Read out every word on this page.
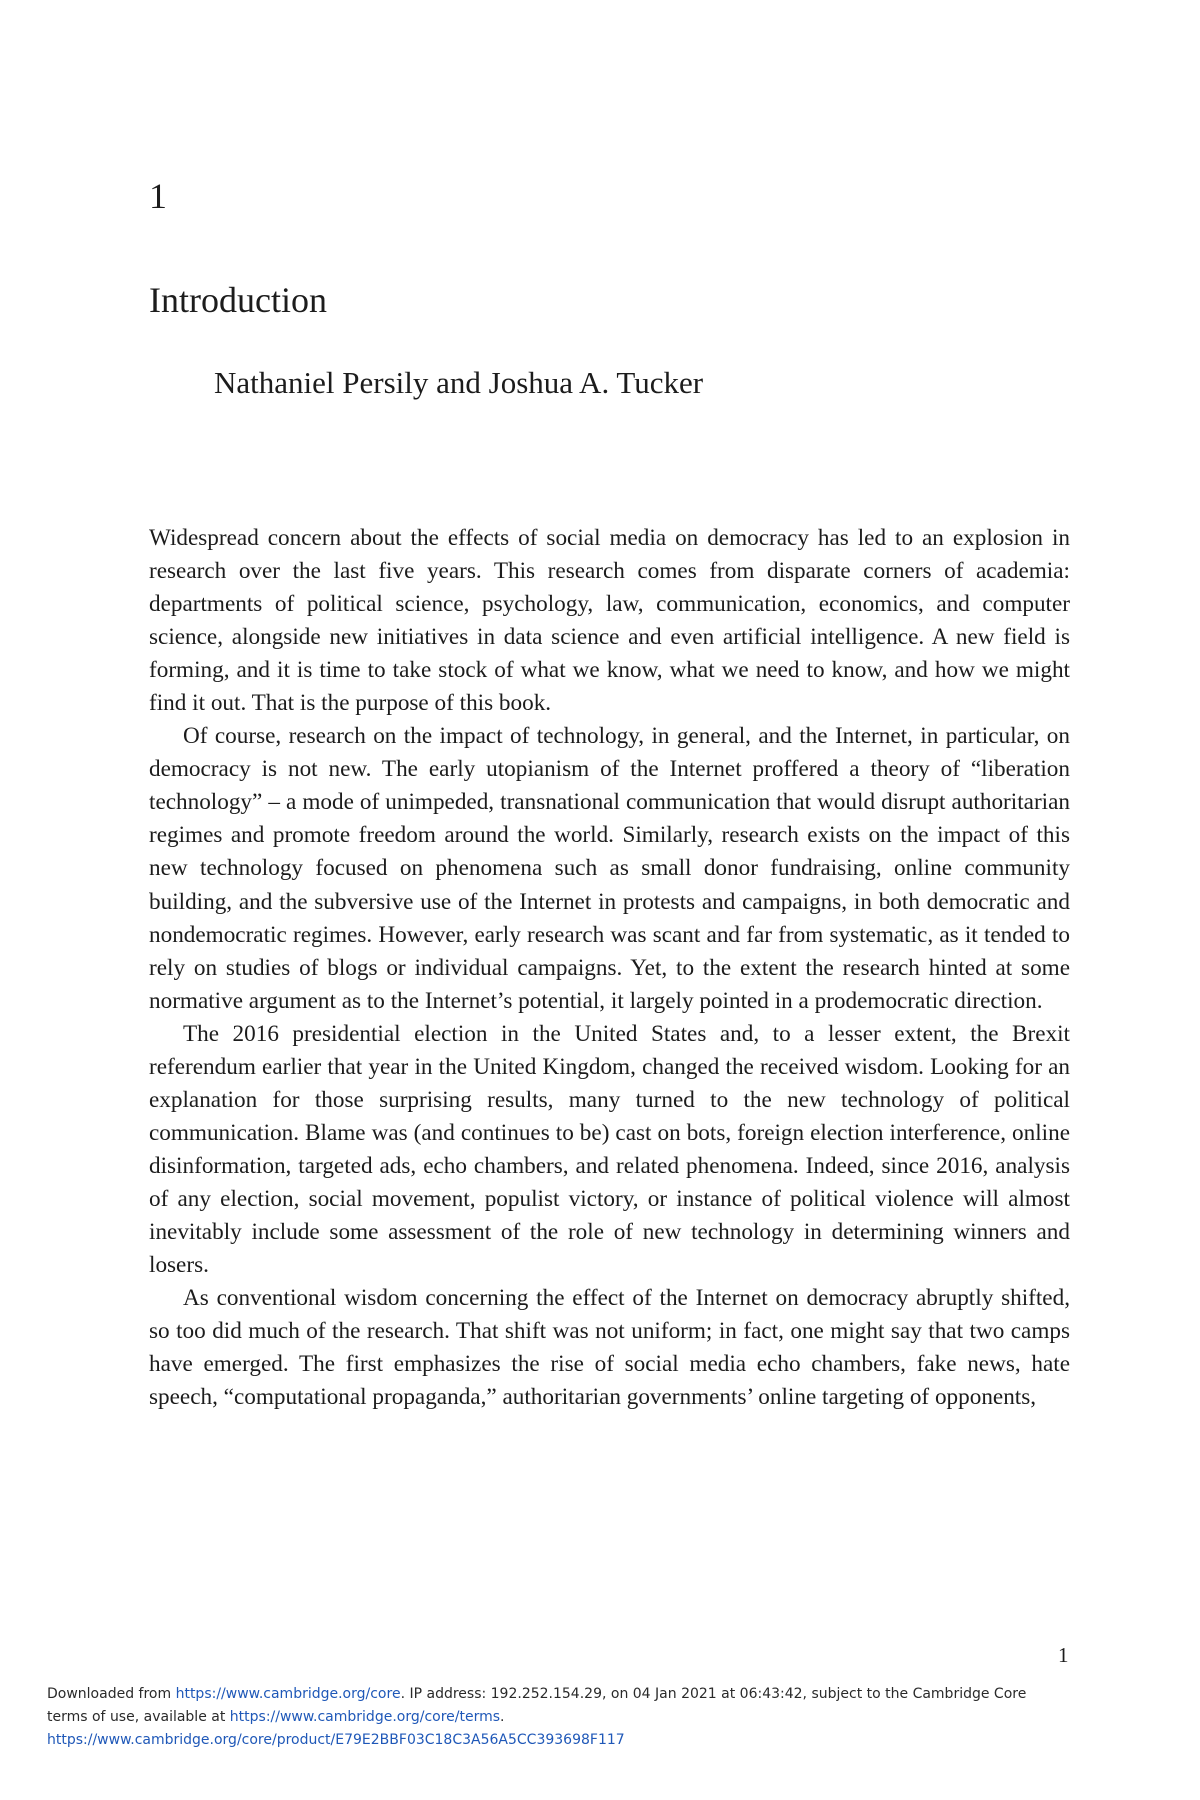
1
Introduction
Nathaniel Persily and Joshua A. Tucker

Widespread concern about the effects of social media on democracy has led to an explosion in research over the last five years. This research comes from disparate corners of academia: departments of political science, psychology, law, communication, economics, and computer science, alongside new initiatives in data science and even artificial intelligence. A new field is forming, and it is time to take stock of what we know, what we need to know, and how we might find it out. That is the purpose of this book.

Of course, research on the impact of technology, in general, and the Internet, in particular, on democracy is not new. The early utopianism of the Internet proffered a theory of “liberation technology” – a mode of unimpeded, transnational communication that would disrupt authoritarian regimes and promote freedom around the world. Similarly, research exists on the impact of this new technology focused on phenomena such as small donor fundraising, online community building, and the subversive use of the Internet in protests and campaigns, in both democratic and nondemocratic regimes. However, early research was scant and far from systematic, as it tended to rely on studies of blogs or individual campaigns. Yet, to the extent the research hinted at some normative argument as to the Internet’s potential, it largely pointed in a prodemocratic direction.

The 2016 presidential election in the United States and, to a lesser extent, the Brexit referendum earlier that year in the United Kingdom, changed the received wisdom. Looking for an explanation for those surprising results, many turned to the new technology of political communication. Blame was (and continues to be) cast on bots, foreign election interference, online disinformation, targeted ads, echo chambers, and related phenomena. Indeed, since 2016, analysis of any election, social movement, populist victory, or instance of political violence will almost inevitably include some assessment of the role of new technology in determining winners and losers.

As conventional wisdom concerning the effect of the Internet on democracy abruptly shifted, so too did much of the research. That shift was not uniform; in fact, one might say that two camps have emerged. The first emphasizes the rise of social media echo chambers, fake news, hate speech, “computational propaganda,” authoritarian governments’ online targeting of opponents,

1
Downloaded from https://www.cambridge.org/core. IP address: 192.252.154.29, on 04 Jan 2021 at 06:43:42, subject to the Cambridge Core
terms of use, available at https://www.cambridge.org/core/terms.
https://www.cambridge.org/core/product/E79E2BBF03C18C3A56A5CC393698F117
